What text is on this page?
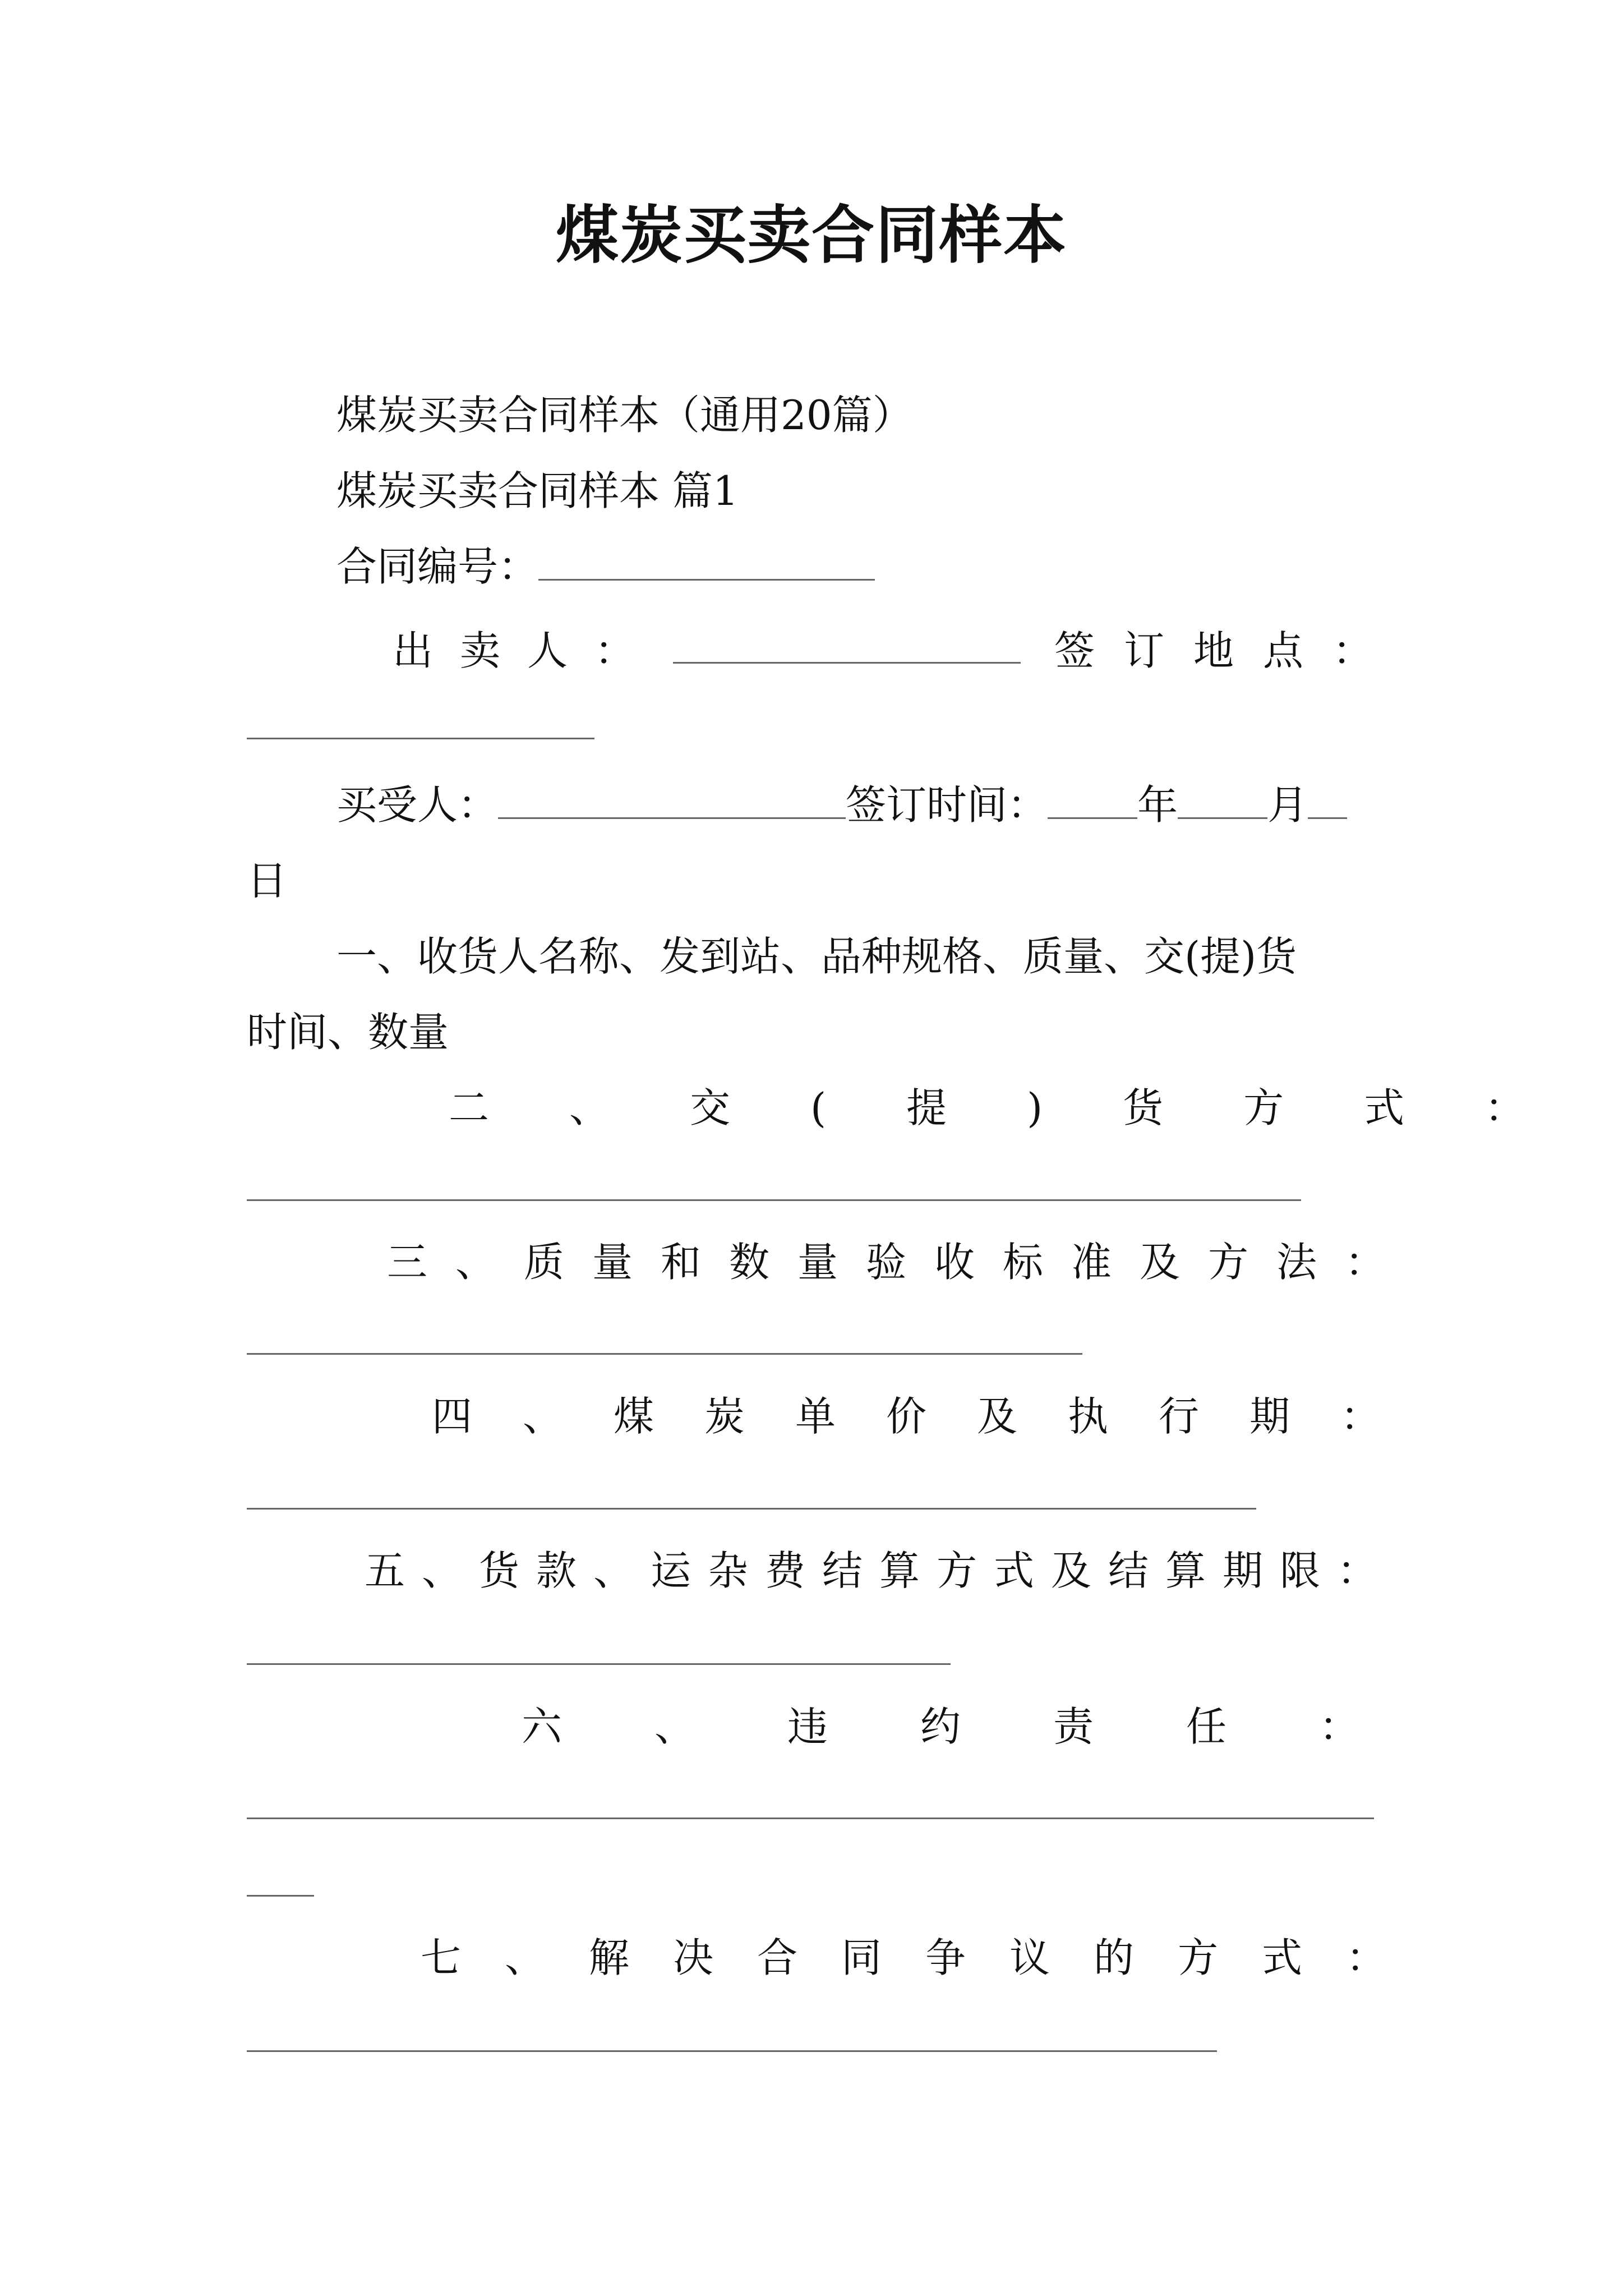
煤炭买卖合同样本
煤炭买卖合同样本（通用20篇）
煤炭买卖合同样本 篇1
合同编号：
出卖人：	签订地点：
买受人：	签订时间： 年 月
日
一、收货人名称、发到站、品种规格、质量、交(提)货
时间、数量
二、交(提)货方式：
三、质量和数量验收标准及方法：
四、煤炭单价及执行期：
五、货款、运杂费结算方式及结算期限：
六、违约责任：
七、解决合同争议的方式：
